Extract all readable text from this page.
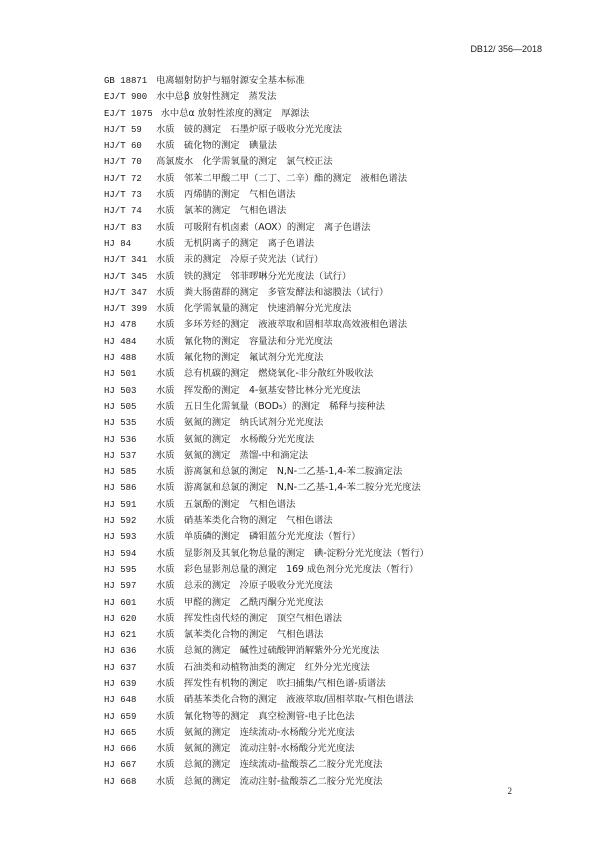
DB12/ 356—2018
GB 18871 电离辐射防护与辐射源安全基本标准
EJ/T 900 水中总β 放射性测定　蒸发法
EJ/T 1075 水中总α 放射性浓度的测定　厚源法
HJ/T 59	水质　铍的测定　石墨炉原子吸收分光光度法
HJ/T 60	水质　硫化物的测定　碘量法
HJ/T 70	高氯废水　化学需氧量的测定　氯气校正法
HJ/T 72	水质　邻苯二甲酸二甲（二丁、二辛）酯的测定　液相色谱法
HJ/T 73	水质　丙烯腈的测定　气相色谱法
HJ/T 74	水质　氯苯的测定　气相色谱法
HJ/T 83	水质　可吸附有机卤素（AOX）的测定　离子色谱法
HJ 84	水质　无机阴离子的测定　离子色谱法
HJ/T 341 水质　汞的测定　冷原子荧光法（试行）
HJ/T 345 水质　铁的测定　邻菲啰啉分光光度法（试行）
HJ/T 347 水质　粪大肠菌群的测定　多管发酵法和滤膜法（试行）
HJ/T 399 水质　化学需氧量的测定　快速消解分光光度法
HJ 478	水质　多环芳烃的测定　液液萃取和固相萃取高效液相色谱法
HJ 484	水质　氰化物的测定　容量法和分光光度法
HJ 488	水质　氟化物的测定　氟试剂分光光度法
HJ 501	水质　总有机碳的测定　燃烧氧化-非分散红外吸收法
HJ 503	水质　挥发酚的测定　4-氨基安替比林分光光度法
HJ 505	水质　五日生化需氧量（BOD₅）的测定　稀释与接种法
HJ 535	水质　氨氮的测定　纳氏试剂分光光度法
HJ 536	水质　氨氮的测定　水杨酸分光光度法
HJ 537	水质　氨氮的测定　蒸馏-中和滴定法
HJ 585	水质　游离氯和总氯的测定　N,N-二乙基-1,4-苯二胺滴定法
HJ 586	水质　游离氯和总氯的测定　N,N-二乙基-1,4-苯二胺分光光度法
HJ 591	水质　五氯酚的测定　气相色谱法
HJ 592	水质　硝基苯类化合物的测定　气相色谱法
HJ 593	水质　单质磷的测定　磷钼蓝分光光度法（暂行）
HJ 594	水质　显影剂及其氧化物总量的测定　碘-淀粉分光光度法（暂行）
HJ 595	水质　彩色显影剂总量的测定　169 成色剂分光光度法（暂行）
HJ 597	水质　总汞的测定　冷原子吸收分光光度法
HJ 601	水质　甲醛的测定　乙酰丙酮分光光度法
HJ 620	水质　挥发性卤代烃的测定　顶空气相色谱法
HJ 621	水质　氯苯类化合物的测定　气相色谱法
HJ 636	水质　总氮的测定　碱性过硫酸钾消解紫外分光光度法
HJ 637	水质　石油类和动植物油类的测定　红外分光光度法
HJ 639	水质　挥发性有机物的测定　吹扫捕集/气相色谱-质谱法
HJ 648	水质　硝基苯类化合物的测定　液液萃取/固相萃取-气相色谱法
HJ 659	水质　氰化物等的测定　真空检测管-电子比色法
HJ 665	水质　氨氮的测定　连续流动-水杨酸分光光度法
HJ 666	水质　氨氮的测定　流动注射-水杨酸分光光度法
HJ 667	水质　总氮的测定　连续流动-盐酸萘乙二胺分光光度法
HJ 668	水质　总氮的测定　流动注射-盐酸萘乙二胺分光光度法
2
